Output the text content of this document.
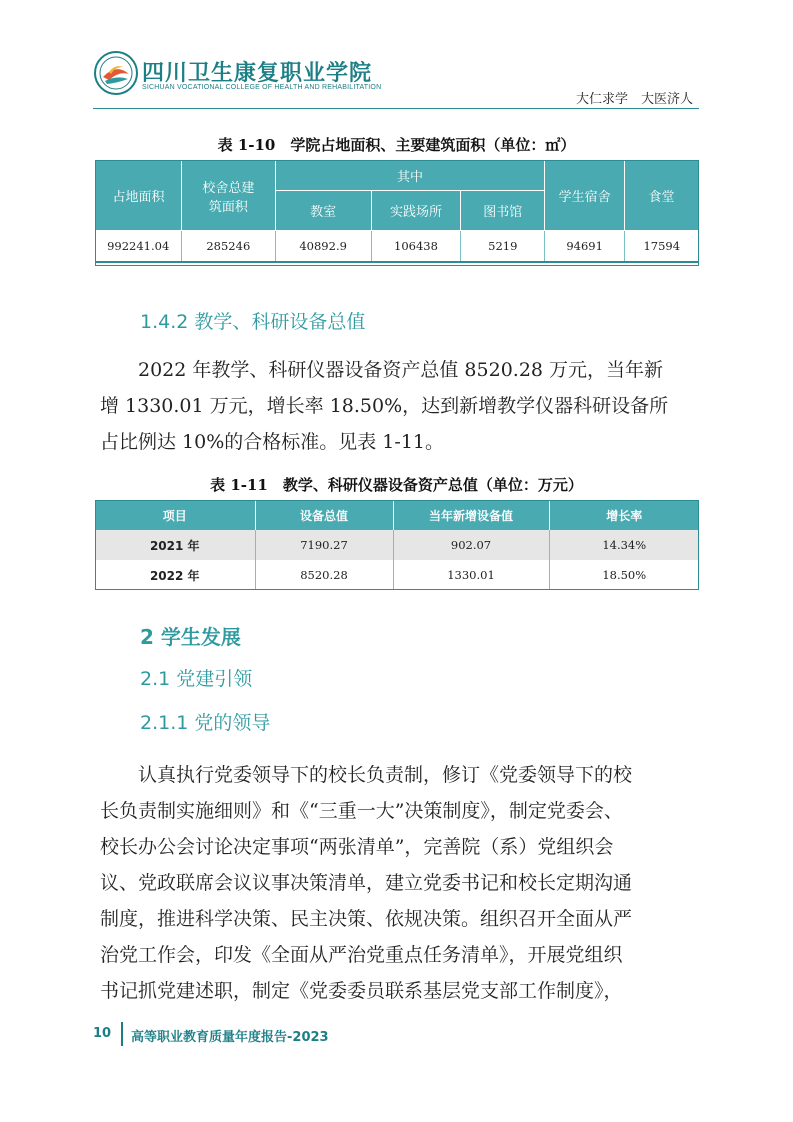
四川卫生康复职业学院
SICHUAN VOCATIONAL COLLEGE OF HEALTH AND REHABILITATION
大仁求学　大医济人
表 1-10　学院占地面积、主要建筑面积（单位：㎡）
占地面积	校舍总建筑面积	其中			学生宿舍	食堂
		教室	实践场所	图书馆		
992241.04	285246	40892.9	106438	5219	94691	17594
1.4.2 教学、科研设备总值
2022 年教学、科研仪器设备资产总值 8520.28 万元，当年新
增 1330.01 万元，增长率 18.50%，达到新增教学仪器科研设备所
占比例达 10%的合格标准。见表 1-11。
表 1-11　教学、科研仪器设备资产总值（单位：万元）
项目	设备总值	当年新增设备值	增长率
2021 年	7190.27	902.07	14.34%
2022 年	8520.28	1330.01	18.50%
2 学生发展
2.1 党建引领
2.1.1 党的领导
认真执行党委领导下的校长负责制，修订《党委领导下的校
长负责制实施细则》和《“三重一大”决策制度》，制定党委会、
校长办公会讨论决定事项“两张清单”，完善院（系）党组织会
议、党政联席会议议事决策清单，建立党委书记和校长定期沟通
制度，推进科学决策、民主决策、依规决策。组织召开全面从严
治党工作会，印发《全面从严治党重点任务清单》，开展党组织
书记抓党建述职，制定《党委委员联系基层党支部工作制度》，
10 高等职业教育质量年度报告-2023
